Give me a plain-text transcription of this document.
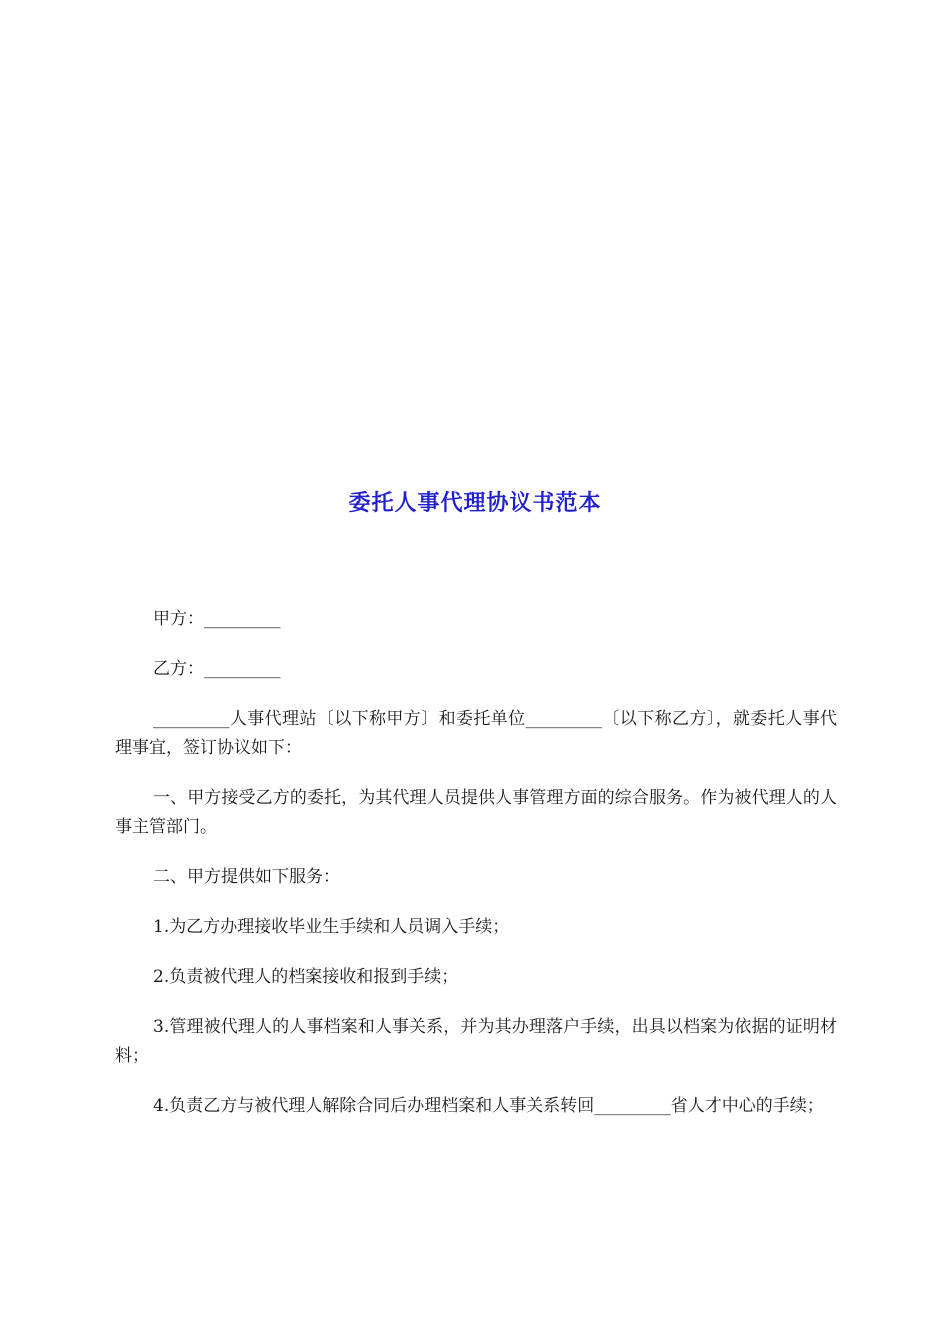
委托人事代理协议书范本

甲方：_________

乙方：_________

_________人事代理站〔以下称甲方〕和委托单位_________〔以下称乙方〕，就委托人事代理事宜，签订协议如下：

一、甲方接受乙方的委托，为其代理人员提供人事管理方面的综合服务。作为被代理人的人事主管部门。

二、甲方提供如下服务：

1.为乙方办理接收毕业生手续和人员调入手续；

2.负责被代理人的档案接收和报到手续；

3.管理被代理人的人事档案和人事关系，并为其办理落户手续，出具以档案为依据的证明材料；

4.负责乙方与被代理人解除合同后办理档案和人事关系转回_________省人才中心的手续；
